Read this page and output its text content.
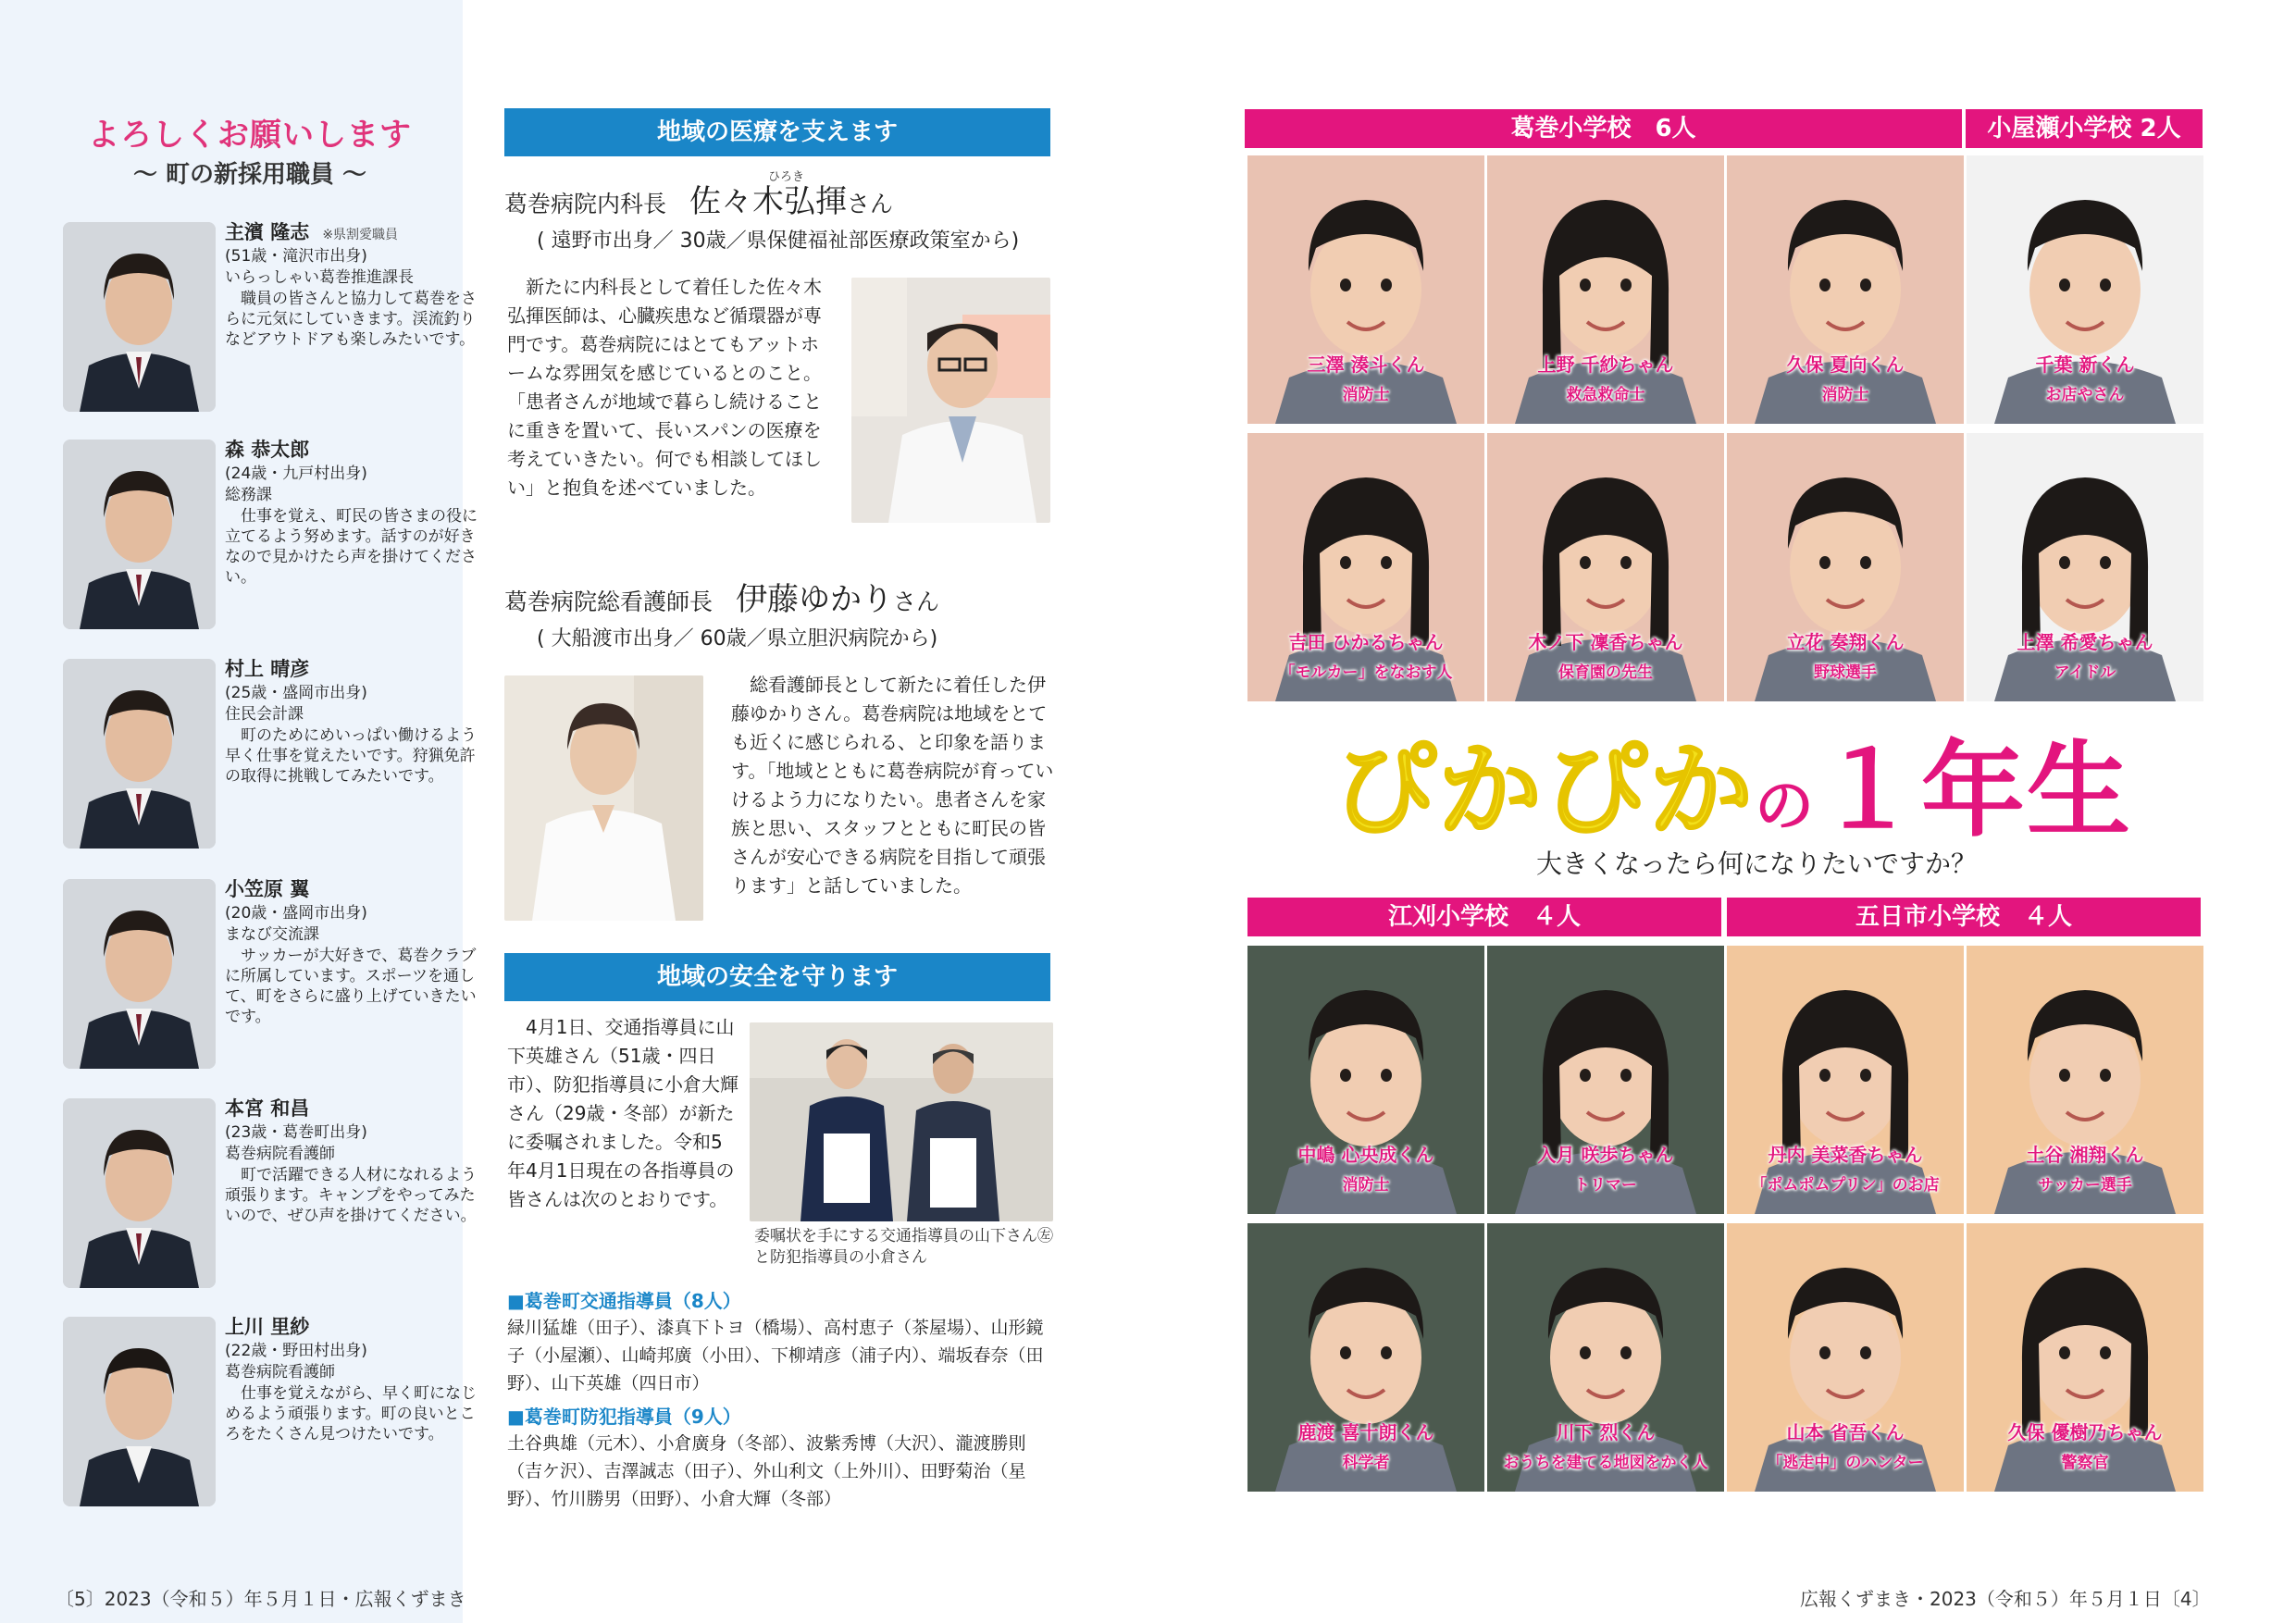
よろしくお願いします
〜 町の新採用職員 〜
主濱 隆志 ※県割愛職員
(51歳・滝沢市出身)
いらっしゃい葛巻推進課長
職員の皆さんと協力して葛巻をさらに元気にしていきます。渓流釣りなどアウトドアも楽しみたいです。
森 恭太郎
(24歳・九戸村出身)
総務課
仕事を覚え、町民の皆さまの役に立てるよう努めます。話すのが好きなので見かけたら声を掛けてください。
村上 晴彦
(25歳・盛岡市出身)
住民会計課
町のためにめいっぱい働けるよう早く仕事を覚えたいです。狩猟免許の取得に挑戦してみたいです。
小笠原 翼
(20歳・盛岡市出身)
まなび交流課
サッカーが大好きで、葛巻クラブに所属しています。スポーツを通して、町をさらに盛り上げていきたいです。
本宮 和昌
(23歳・葛巻町出身)
葛巻病院看護師
町で活躍できる人材になれるよう頑張ります。キャンプをやってみたいので、ぜひ声を掛けてください。
上川 里紗
(22歳・野田村出身)
葛巻病院看護師
仕事を覚えながら、早く町になじめるよう頑張ります。町の良いところをたくさん見つけたいです。
地域の医療を支えます
葛巻病院内科長　 佐々木弘揮さん
ひろき
( 遠野市出身／ 30歳／県保健福祉部医療政策室から)
新たに内科長として着任した佐々木弘揮医師は、心臓疾患など循環器が専門です。葛巻病院にはとてもアットホームな雰囲気を感じているとのこと。「患者さんが地域で暮らし続けることに重きを置いて、長いスパンの医療を考えていきたい。何でも相談してほしい」と抱負を述べていました。
葛巻病院総看護師長　 伊藤ゆかりさん
( 大船渡市出身／ 60歳／県立胆沢病院から)
総看護師長として新たに着任した伊藤ゆかりさん。葛巻病院は地域をとても近くに感じられる、と印象を語ります。「地域とともに葛巻病院が育っていけるよう力になりたい。患者さんを家族と思い、スタッフとともに町民の皆さんが安心できる病院を目指して頑張ります」と話していました。
地域の安全を守ります
4月1日、交通指導員に山下英雄さん（51歳・四日市）、防犯指導員に小倉大輝さん（29歳・冬部）が新たに委嘱されました。令和5年4月1日現在の各指導員の皆さんは次のとおりです。
委嘱状を手にする交通指導員の山下さん㊧と防犯指導員の小倉さん
■葛巻町交通指導員（8人）
緑川猛雄（田子）、漆真下トヨ（橋場）、高村恵子（茶屋場）、山形鏡子（小屋瀬）、山崎邦廣（小田）、下柳靖彦（浦子内）、端坂春奈（田野）、山下英雄（四日市）
■葛巻町防犯指導員（9人）
土谷典雄（元木）、小倉廣身（冬部）、波紫秀博（大沢）、瀧渡勝則（吉ケ沢）、吉澤誠志（田子）、外山利文（上外川）、田野菊治（星野）、竹川勝男（田野）、小倉大輝（冬部）
葛巻小学校　6人	小屋瀬小学校 2人
ぴかぴかの１年生
大きくなったら何になりたいですか？
江刈小学校　４人	五日市小学校　４人
三澤 湊斗くん
消防士
上野 千紗ちゃん
救急救命士
久保 夏向くん
消防士
千葉 新くん
お店やさん
吉田 ひかるちゃん
「モルカー」をなおす人
木ノ下 凜香ちゃん
保育園の先生
立花 奏翔くん
野球選手
上澤 希愛ちゃん
アイドル
中嶋 心央成くん
消防士
入月 咲歩ちゃん
トリマー
丹内 美菜香ちゃん
「ポムポムプリン」のお店
土谷 湘翔くん
サッカー選手
鹿渡 喜十朗くん
科学者
川下 烈くん
おうちを建てる地図をかく人
山本 省吾くん
「逃走中」のハンター
久保 優樹乃ちゃん
警察官
〔5〕2023（令和５）年５月１日・広報くずまき	広報くずまき・2023（令和５）年５月１日〔4〕
